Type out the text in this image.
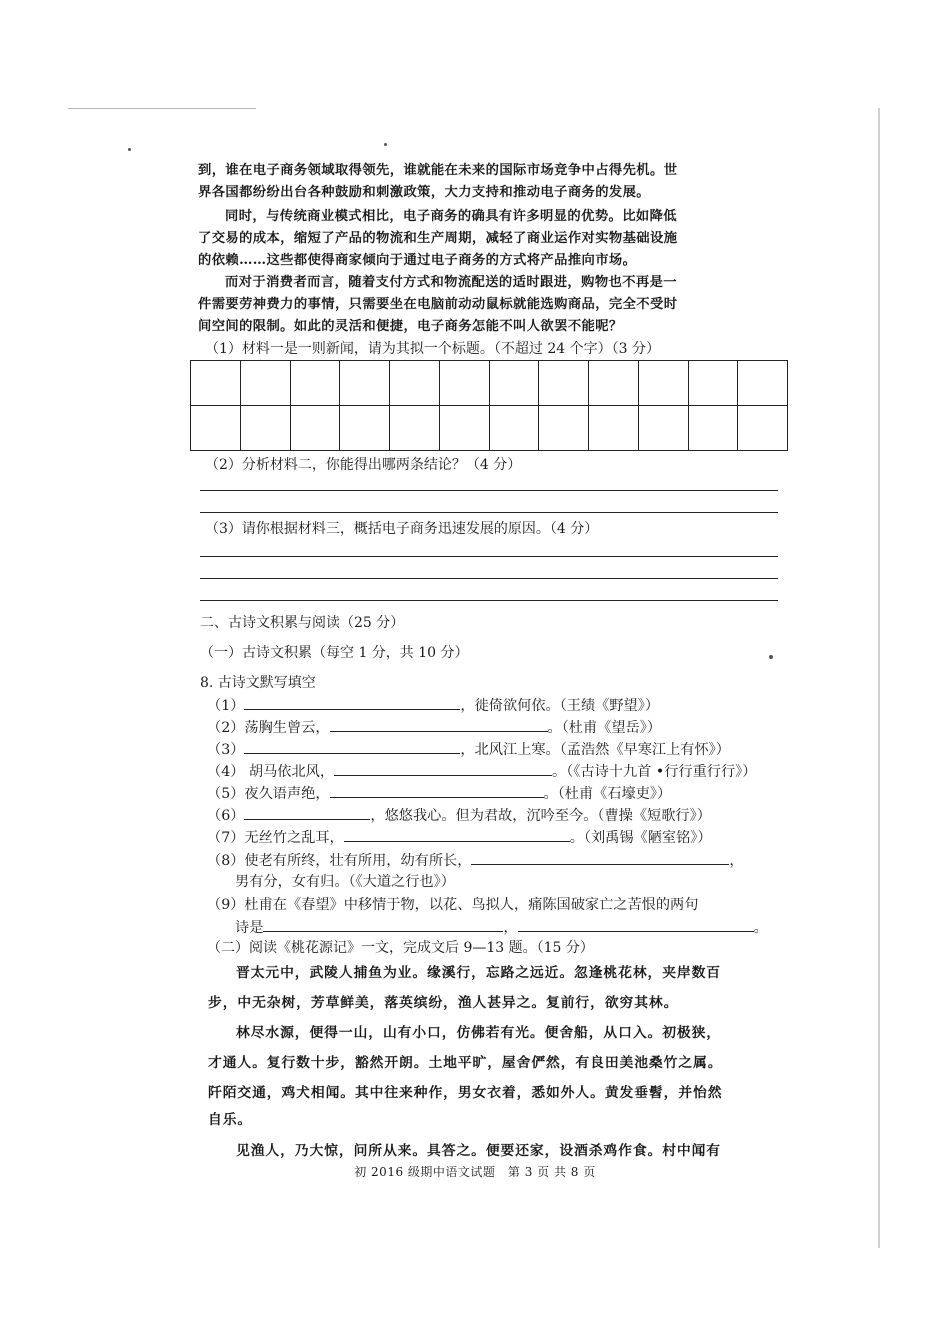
到，谁在电子商务领域取得领先，谁就能在未来的国际市场竞争中占得先机。世
界各国都纷纷出台各种鼓励和刺激政策，大力支持和推动电子商务的发展。
同时，与传统商业模式相比，电子商务的确具有许多明显的优势。比如降低
了交易的成本，缩短了产品的物流和生产周期，减轻了商业运作对实物基础设施
的依赖……这些都使得商家倾向于通过电子商务的方式将产品推向市场。
而对于消费者而言，随着支付方式和物流配送的适时跟进，购物也不再是一
件需要劳神费力的事情，只需要坐在电脑前动动鼠标就能选购商品，完全不受时
间空间的限制。如此的灵活和便捷，电子商务怎能不叫人欲罢不能呢？
（1）材料一是一则新闻，请为其拟一个标题。（不超过 24 个字）（3 分）
（2）分析材料二，你能得出哪两条结论？（4 分）
（3）请你根据材料三，概括电子商务迅速发展的原因。（4 分）
二、古诗文积累与阅读（25 分）
（一）古诗文积累（每空 1 分，共 10 分）
8. 古诗文默写填空
（1）	，徙倚欲何依。（王绩《野望》）
（2）荡胸生曾云，	。（杜甫《望岳》）
（3）	，北风江上寒。（孟浩然《早寒江上有怀》）
（4） 胡马依北风，	。（《古诗十九首 •行行重行行》）
（5）夜久语声绝，	。（杜甫《石壕吏》）
（6）	，悠悠我心。但为君故，沉吟至今。（曹操《短歌行》）
（7）无丝竹之乱耳，	。（刘禹锡《陋室铭》）
（8）使老有所终，壮有所用，幼有所长，	，
男有分，女有归。（《大道之行也》）
（9）杜甫在《春望》中移情于物，以花、鸟拟人，痛陈国破家亡之苦恨的两句
诗是	，	。
（二）阅读《桃花源记》一文，完成文后 9—13 题。（15 分）
晋太元中，武陵人捕鱼为业。缘溪行，忘路之远近。忽逢桃花林，夹岸数百
步，中无杂树，芳草鲜美，落英缤纷，渔人甚异之。复前行，欲穷其林。
林尽水源，便得一山，山有小口，仿佛若有光。便舍船，从口入。初极狭，
才通人。复行数十步，豁然开朗。土地平旷，屋舍俨然，有良田美池桑竹之属。
阡陌交通，鸡犬相闻。其中往来种作，男女衣着，悉如外人。黄发垂髫，并怡然
自乐。
见渔人，乃大惊，问所从来。具答之。便要还家，设酒杀鸡作食。村中闻有
初 2016 级期中语文试题　第 3 页 共 8 页
